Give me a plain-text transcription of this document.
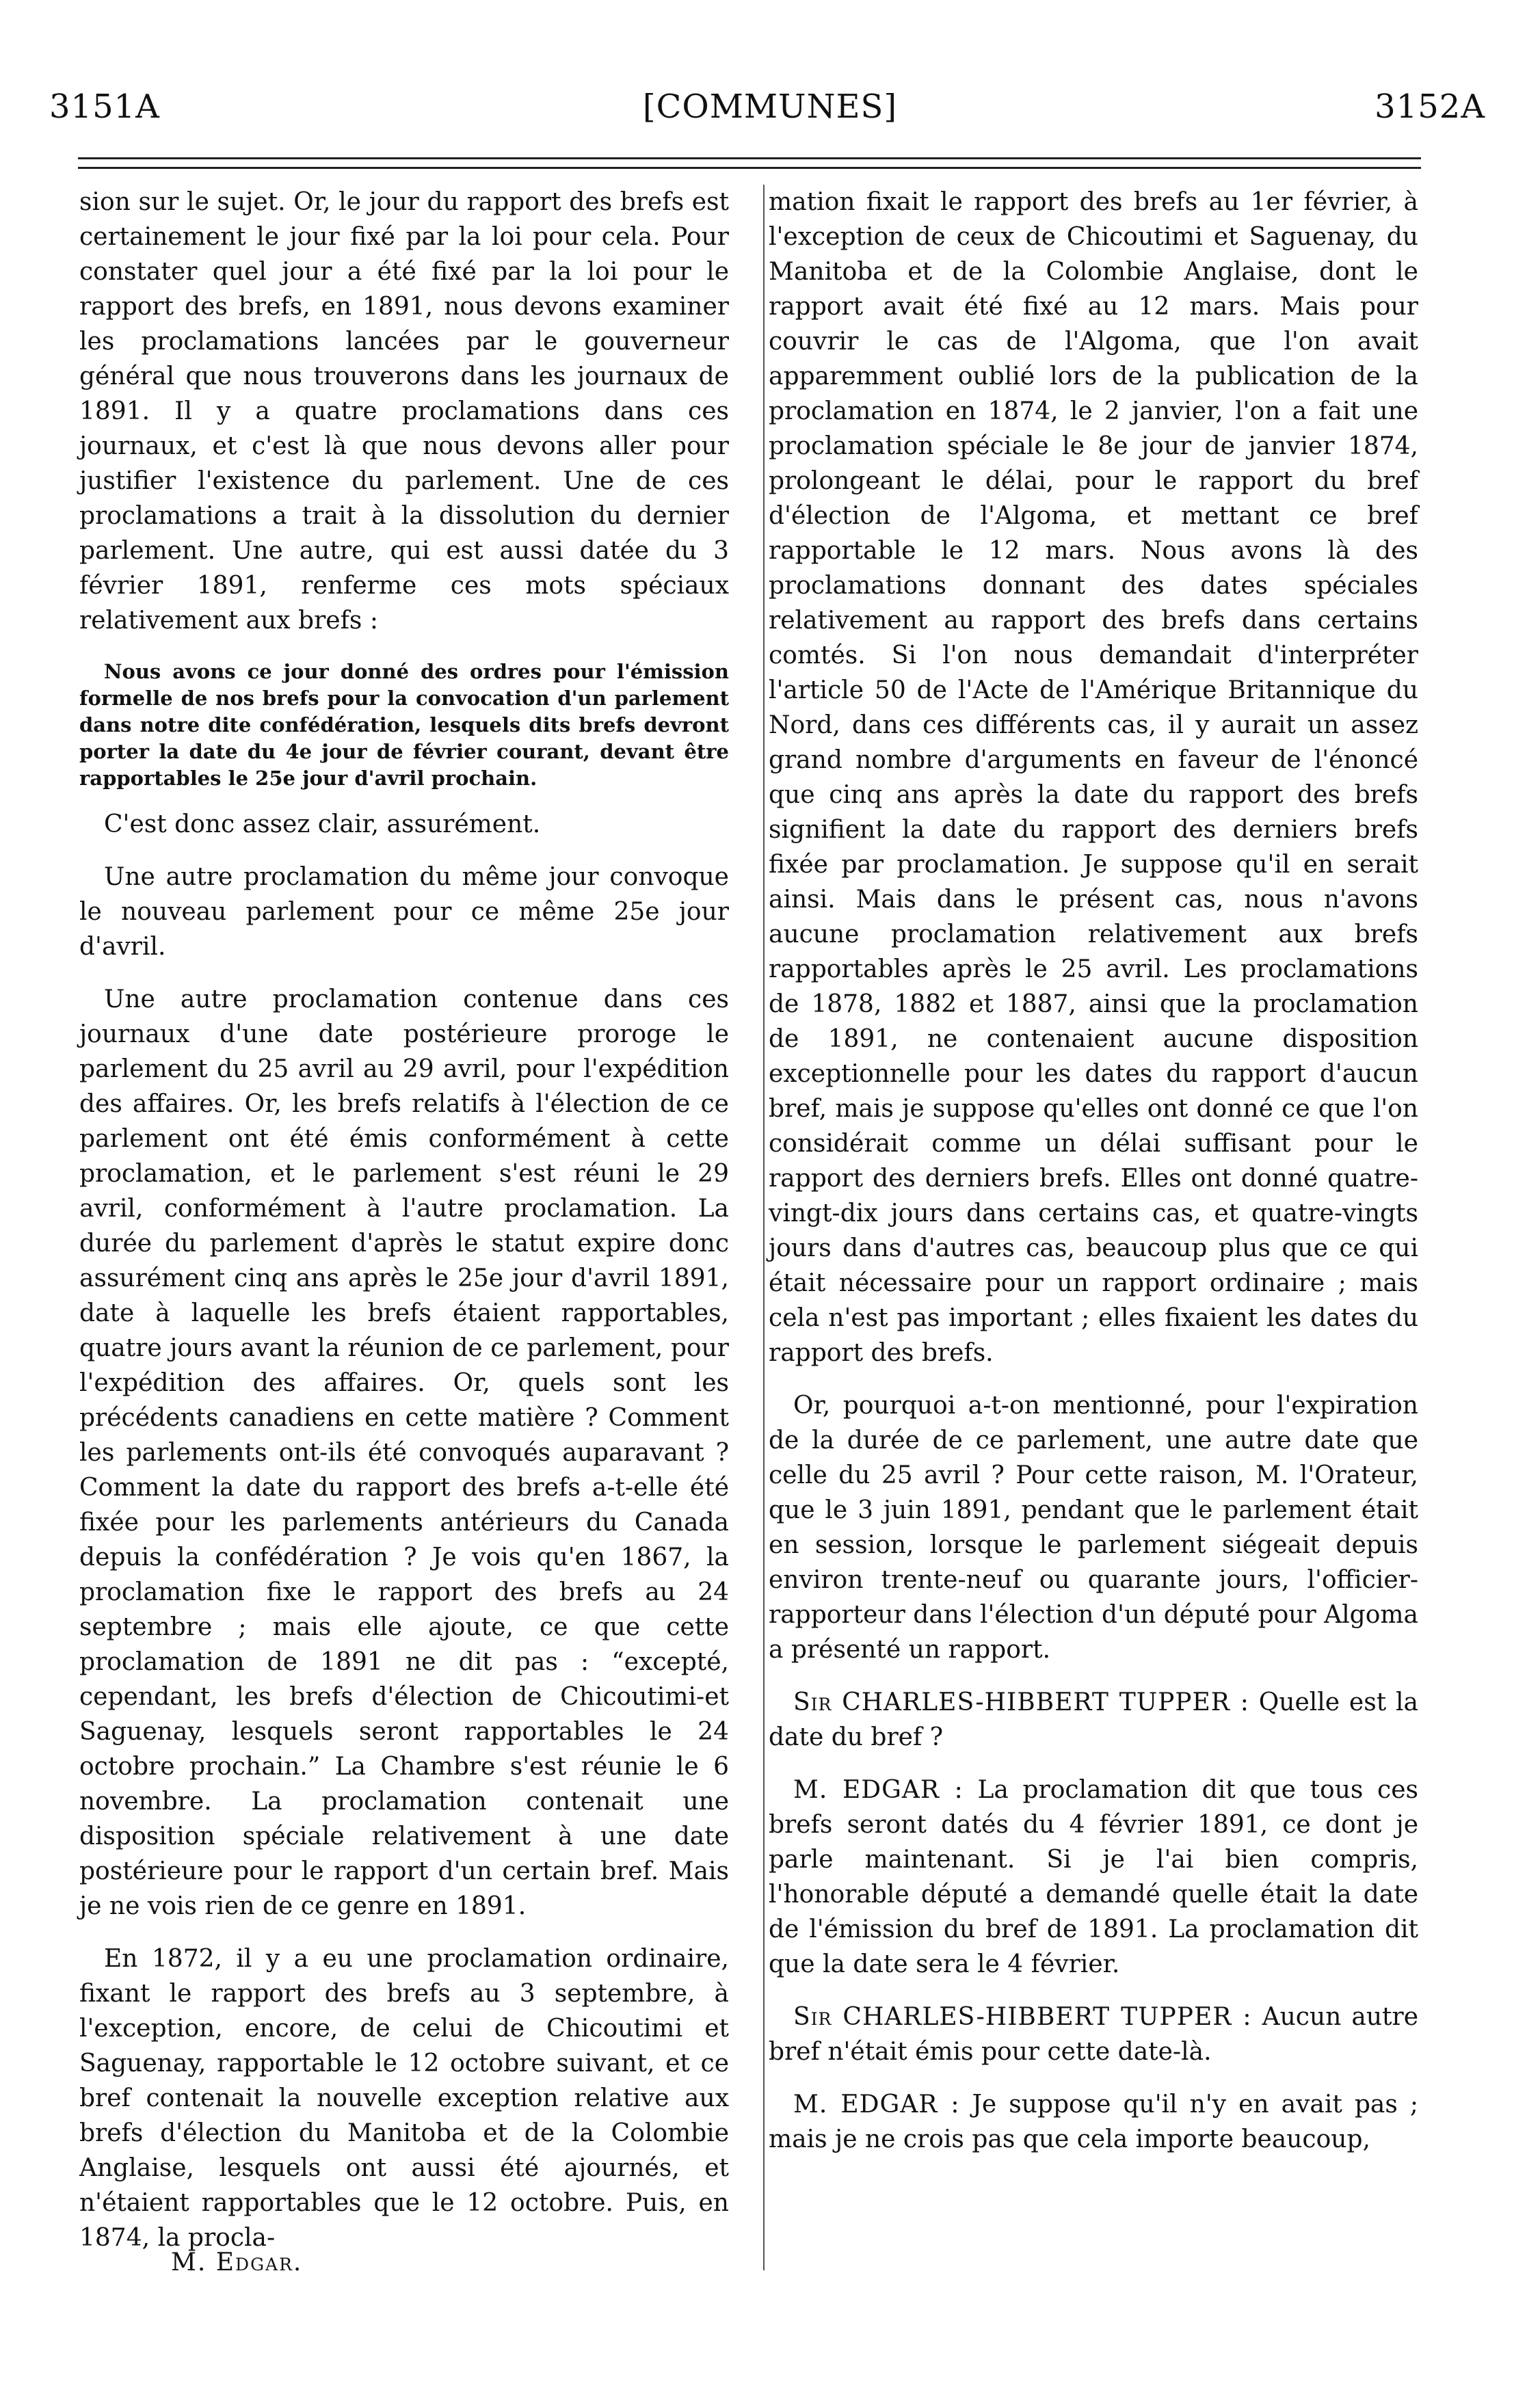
3151A	[COMMUNES]	3152A

sion sur le sujet. Or, le jour du rapport des brefs est certainement le jour fixé par la loi pour cela. Pour constater quel jour a été fixé par la loi pour le rapport des brefs, en 1891, nous devons examiner les proclamations lancées par le gouverneur général que nous trouverons dans les journaux de 1891. Il y a quatre proclamations dans ces journaux, et c'est là que nous devons aller pour justifier l'existence du parlement. Une de ces proclamations a trait à la dissolution du dernier parlement. Une autre, qui est aussi datée du 3 février 1891, renferme ces mots spéciaux relativement aux brefs :

Nous avons ce jour donné des ordres pour l'émission formelle de nos brefs pour la convocation d'un parlement dans notre dite confédération, lesquels dits brefs devront porter la date du 4e jour de février courant, devant être rapportables le 25e jour d'avril prochain.

C'est donc assez clair, assurément.

Une autre proclamation du même jour convoque le nouveau parlement pour ce même 25e jour d'avril.

Une autre proclamation contenue dans ces journaux d'une date postérieure proroge le parlement du 25 avril au 29 avril, pour l'expédition des affaires. Or, les brefs relatifs à l'élection de ce parlement ont été émis conformément à cette proclamation, et le parlement s'est réuni le 29 avril, conformément à l'autre proclamation. La durée du parlement d'après le statut expire donc assurément cinq ans après le 25e jour d'avril 1891, date à laquelle les brefs étaient rapportables, quatre jours avant la réunion de ce parlement, pour l'expédition des affaires. Or, quels sont les précédents canadiens en cette matière ? Comment les parlements ont-ils été convoqués auparavant ? Comment la date du rapport des brefs a-t-elle été fixée pour les parlements antérieurs du Canada depuis la confédération ? Je vois qu'en 1867, la proclamation fixe le rapport des brefs au 24 septembre ; mais elle ajoute, ce que cette proclamation de 1891 ne dit pas : “excepté, cependant, les brefs d'élection de Chicoutimi-et Saguenay, lesquels seront rapportables le 24 octobre prochain.” La Chambre s'est réunie le 6 novembre. La proclamation contenait une disposition spéciale relativement à une date postérieure pour le rapport d'un certain bref. Mais je ne vois rien de ce genre en 1891.

En 1872, il y a eu une proclamation ordinaire, fixant le rapport des brefs au 3 septembre, à l'exception, encore, de celui de Chicoutimi et Saguenay, rapportable le 12 octobre suivant, et ce bref contenait la nouvelle exception relative aux brefs d'élection du Manitoba et de la Colombie Anglaise, lesquels ont aussi été ajournés, et n'étaient rapportables que le 12 octobre. Puis, en 1874, la procla-

M. Edgar.

mation fixait le rapport des brefs au 1er février, à l'exception de ceux de Chicoutimi et Saguenay, du Manitoba et de la Colombie Anglaise, dont le rapport avait été fixé au 12 mars. Mais pour couvrir le cas de l'Algoma, que l'on avait apparemment oublié lors de la publication de la proclamation en 1874, le 2 janvier, l'on a fait une proclamation spéciale le 8e jour de janvier 1874, prolongeant le délai, pour le rapport du bref d'élection de l'Algoma, et mettant ce bref rapportable le 12 mars. Nous avons là des proclamations donnant des dates spéciales relativement au rapport des brefs dans certains comtés. Si l'on nous demandait d'interpréter l'article 50 de l'Acte de l'Amérique Britannique du Nord, dans ces différents cas, il y aurait un assez grand nombre d'arguments en faveur de l'énoncé que cinq ans après la date du rapport des brefs signifient la date du rapport des derniers brefs fixée par proclamation. Je suppose qu'il en serait ainsi. Mais dans le présent cas, nous n'avons aucune proclamation relativement aux brefs rapportables après le 25 avril. Les proclamations de 1878, 1882 et 1887, ainsi que la proclamation de 1891, ne contenaient aucune disposition exceptionnelle pour les dates du rapport d'aucun bref, mais je suppose qu'elles ont donné ce que l'on considérait comme un délai suffisant pour le rapport des derniers brefs. Elles ont donné quatre-vingt-dix jours dans certains cas, et quatre-vingts jours dans d'autres cas, beaucoup plus que ce qui était nécessaire pour un rapport ordinaire ; mais cela n'est pas important ; elles fixaient les dates du rapport des brefs.

Or, pourquoi a-t-on mentionné, pour l'expiration de la durée de ce parlement, une autre date que celle du 25 avril ? Pour cette raison, M. l'Orateur, que le 3 juin 1891, pendant que le parlement était en session, lorsque le parlement siégeait depuis environ trente-neuf ou quarante jours, l'officier-rapporteur dans l'élection d'un député pour Algoma a présenté un rapport.

Sir CHARLES-HIBBERT TUPPER : Quelle est la date du bref ?

M. EDGAR : La proclamation dit que tous ces brefs seront datés du 4 février 1891, ce dont je parle maintenant. Si je l'ai bien compris, l'honorable député a demandé quelle était la date de l'émission du bref de 1891. La proclamation dit que la date sera le 4 février.

Sir CHARLES-HIBBERT TUPPER : Aucun autre bref n'était émis pour cette date-là.

M. EDGAR : Je suppose qu'il n'y en avait pas ; mais je ne crois pas que cela importe beaucoup,
